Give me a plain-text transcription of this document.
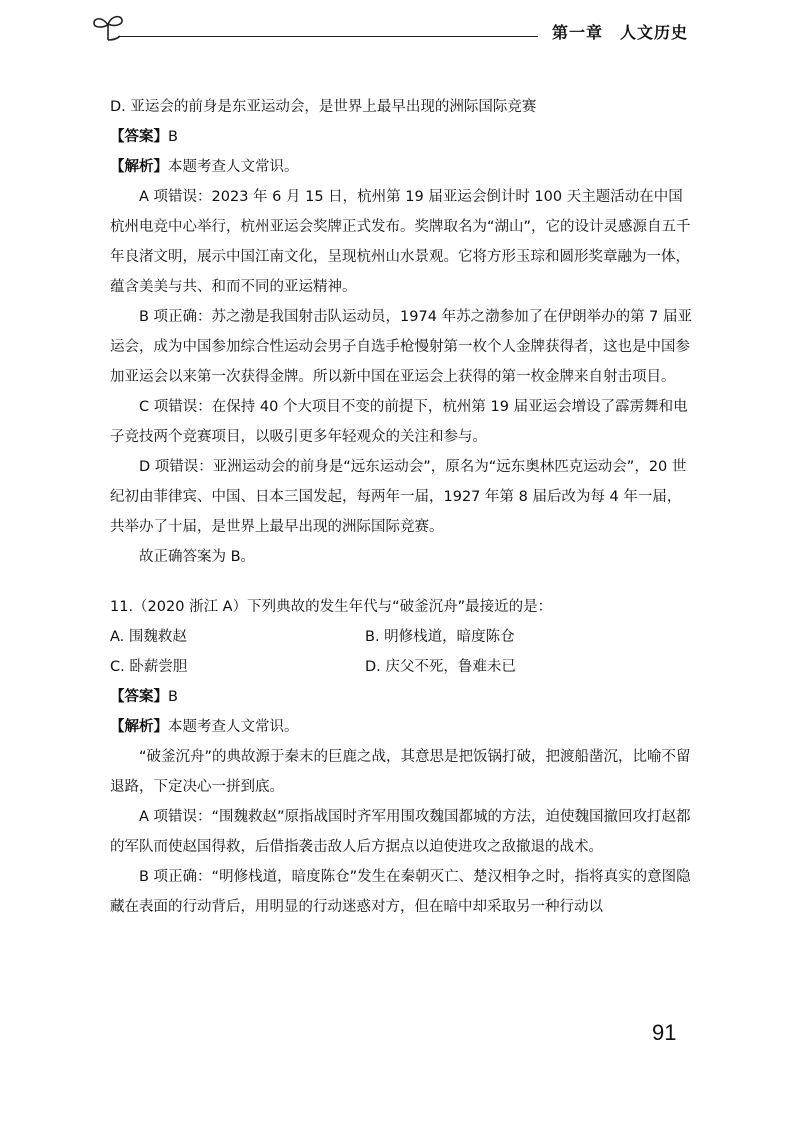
第一章　人文历史

D. 亚运会的前身是东亚运动会，是世界上最早出现的洲际国际竞赛

【答案】B

【解析】本题考查人文常识。

A 项错误：2023 年 6 月 15 日，杭州第 19 届亚运会倒计时 100 天主题活动在中国杭州电竞中心举行，杭州亚运会奖牌正式发布。奖牌取名为“湖山”，它的设计灵感源自五千年良渚文明，展示中国江南文化，呈现杭州山水景观。它将方形玉琮和圆形奖章融为一体，蕴含美美与共、和而不同的亚运精神。

B 项正确：苏之渤是我国射击队运动员，1974 年苏之渤参加了在伊朗举办的第 7 届亚运会，成为中国参加综合性运动会男子自选手枪慢射第一枚个人金牌获得者，这也是中国参加亚运会以来第一次获得金牌。所以新中国在亚运会上获得的第一枚金牌来自射击项目。

C 项错误：在保持 40 个大项目不变的前提下，杭州第 19 届亚运会增设了霹雳舞和电子竞技两个竞赛项目，以吸引更多年轻观众的关注和参与。

D 项错误：亚洲运动会的前身是“远东运动会”，原名为“远东奥林匹克运动会”，20 世纪初由菲律宾、中国、日本三国发起，每两年一届，1927 年第 8 届后改为每 4 年一届，共举办了十届，是世界上最早出现的洲际国际竞赛。

故正确答案为 B。

11.（2020 浙江 A）下列典故的发生年代与“破釜沉舟”最接近的是：

A. 围魏救赵	B. 明修栈道，暗度陈仓
C. 卧薪尝胆	D. 庆父不死，鲁难未已

【答案】B

【解析】本题考查人文常识。

“破釜沉舟”的典故源于秦末的巨鹿之战，其意思是把饭锅打破，把渡船凿沉，比喻不留退路，下定决心一拼到底。

A 项错误：“围魏救赵”原指战国时齐军用围攻魏国都城的方法，迫使魏国撤回攻打赵都的军队而使赵国得救，后借指袭击敌人后方据点以迫使进攻之敌撤退的战术。

B 项正确：“明修栈道，暗度陈仓”发生在秦朝灭亡、楚汉相争之时，指将真实的意图隐藏在表面的行动背后，用明显的行动迷惑对方，但在暗中却采取另一种行动以

91
